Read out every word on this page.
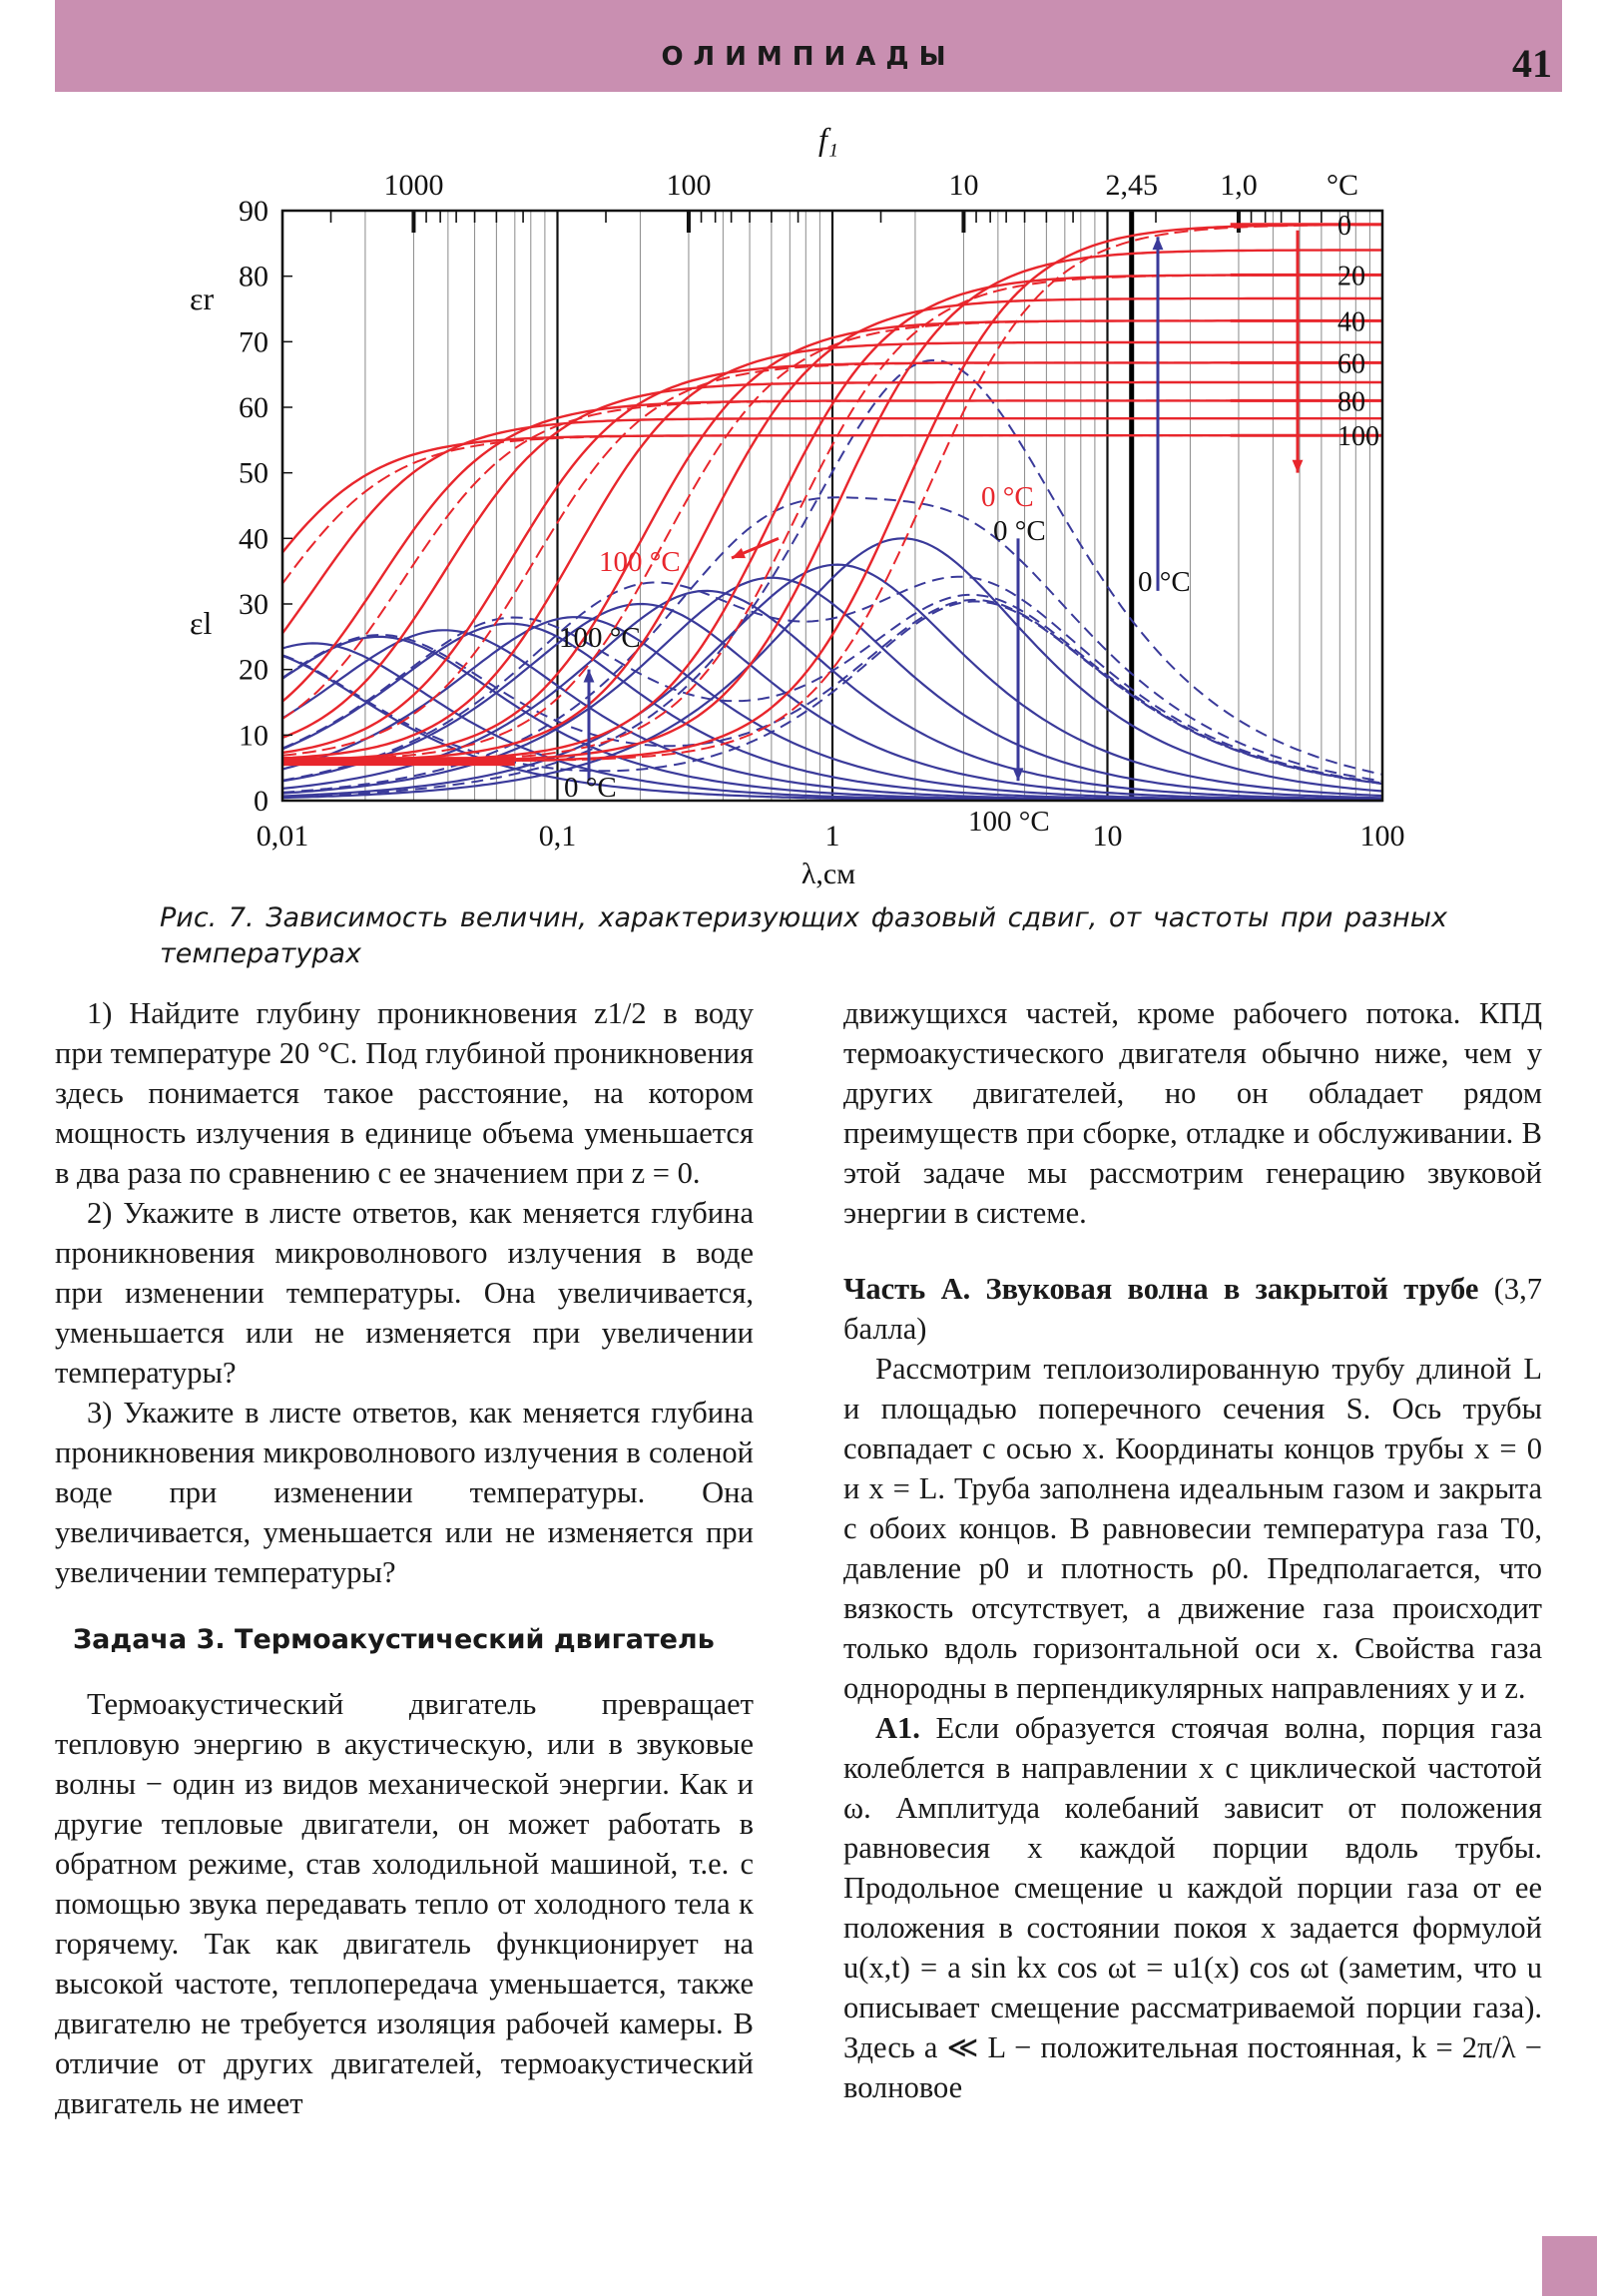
ОЛИМПИАДЫ	41
0
20
40
60
80
100
0,01	0,1	1	10	100
0
10
20
30
40
50
60
70
80
90
1000	100	10	2,45 1,0 °C
f₁
λ,см
εr
εl
100 °C
0 °C
0 °C
0 °C
100 °C
0 °C
100 °C
Рис. 7. Зависимость величин, характеризующих фазовый сдвиг, от частоты при разных температурах

1) Найдите глубину проникновения z1/2 в воду при температуре 20 °C. Под глубиной проникновения здесь понимается такое расстояние, на котором мощность излучения в единице объема уменьшается в два раза по сравнению с ее значением при z = 0.

2) Укажите в листе ответов, как меняется глубина проникновения микроволнового излучения в воде при изменении температуры. Она увеличивается, уменьшается или не изменяется при увеличении температуры?

3) Укажите в листе ответов, как меняется глубина проникновения микроволнового излучения в соленой воде при изменении температуры. Она увеличивается, уменьшается или не изменяется при увеличении температуры?

Задача 3. Термоакустический двигатель

Термоакустический двигатель превращает тепловую энергию в акустическую, или в звуковые волны − один из видов механической энергии. Как и другие тепловые двигатели, он может работать в обратном режиме, став холодильной машиной, т.е. с помощью звука передавать тепло от холодного тела к горячему. Так как двигатель функционирует на высокой частоте, теплопередача уменьшается, также двигателю не требуется изоляция рабочей камеры. В отличие от других двигателей, термоакустический двигатель не имеет

движущихся частей, кроме рабочего потока. КПД термоакустического двигателя обычно ниже, чем у других двигателей, но он обладает рядом преимуществ при сборке, отладке и обслуживании. В этой задаче мы рассмотрим генерацию звуковой энергии в системе.

Часть А. Звуковая волна в закрытой трубе (3,7 балла)

Рассмотрим теплоизолированную трубу длиной L и площадью поперечного сечения S. Ось трубы совпадает с осью x. Координаты концов трубы x = 0 и x = L. Труба заполнена идеальным газом и закрыта с обоих концов. В равновесии температура газа T0, давление p0 и плотность ρ0. Предполагается, что вязкость отсутствует, а движение газа происходит только вдоль горизонтальной оси x. Свойства газа однородны в перпендикулярных направлениях y и z.

A1. Если образуется стоячая волна, порция газа колеблется в направлении x с циклической частотой ω. Амплитуда колебаний зависит от положения равновесия x каждой порции вдоль трубы. Продольное смещение u каждой порции газа от ее положения в состоянии покоя x задается формулой u(x,t) = a sin kx cos ωt = u1(x) cos ωt (заметим, что u описывает смещение рассматриваемой порции газа). Здесь a ≪ L − положительная постоянная, k = 2π/λ − волновое
